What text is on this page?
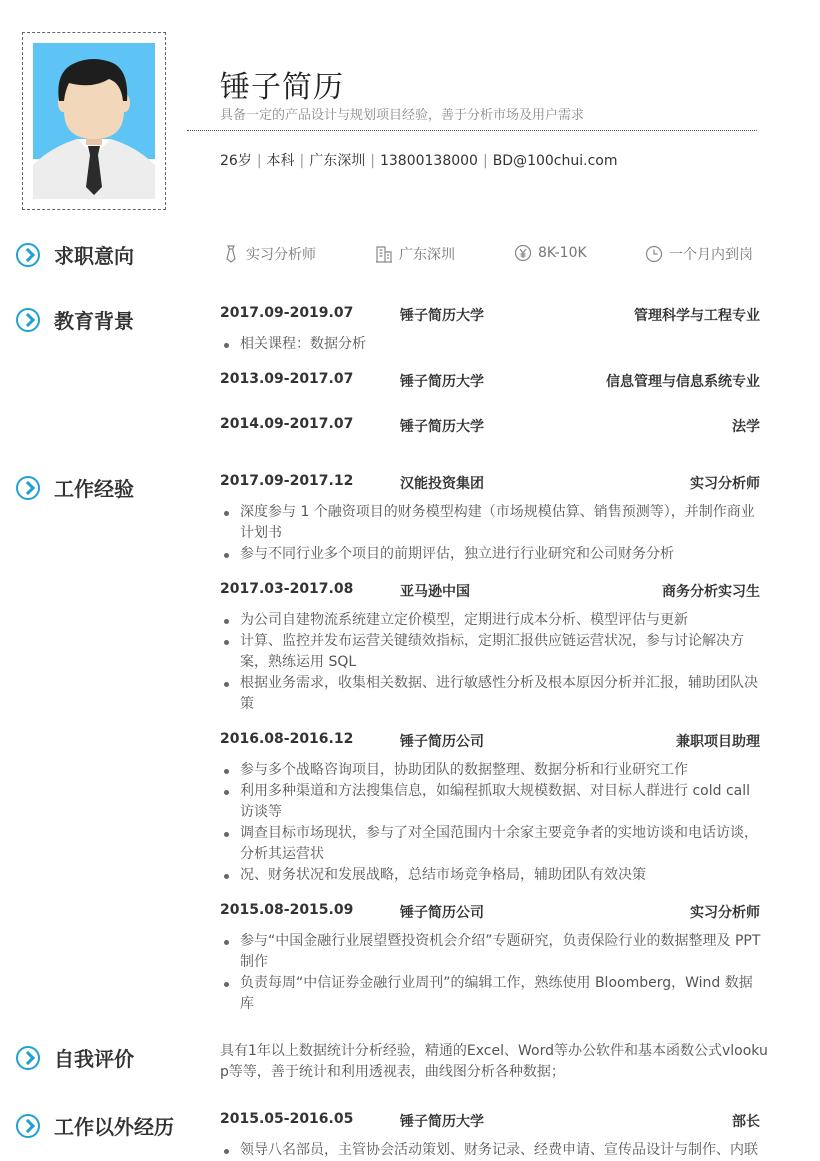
锤子简历
具备一定的产品设计与规划项目经验，善于分析市场及用户需求
26岁 | 本科 | 广东深圳 | 13800138000 | BD@100chui.com
求职意向
教育背景
工作经验
自我评价
工作以外经历
实习分析师	广东深圳	8K-10K	一个月内到岗
2017.09-2019.07	锤子简历大学	管理科学与工程专业
相关课程：数据分析
2013.09-2017.07	锤子简历大学	信息管理与信息系统专业
2014.09-2017.07	锤子简历大学	法学
2017.09-2017.12	汉能投资集团	实习分析师
深度参与 1 个融资项目的财务模型构建（市场规模估算、销售预测等），并制作商业计划书
参与不同行业多个项目的前期评估，独立进行行业研究和公司财务分析
2017.03-2017.08	亚马逊中国	商务分析实习生
为公司自建物流系统建立定价模型，定期进行成本分析、模型评估与更新
计算、监控并发布运营关键绩效指标，定期汇报供应链运营状况，参与讨论解决方案，熟练运用 SQL
根据业务需求，收集相关数据、进行敏感性分析及根本原因分析并汇报，辅助团队决策
2016.08-2016.12	锤子简历公司	兼职项目助理
参与多个战略咨询项目，协助团队的数据整理、数据分析和行业研究工作
利用多种渠道和方法搜集信息，如编程抓取大规模数据、对目标人群进行 cold call 访谈等
调查目标市场现状，参与了对全国范围内十余家主要竞争者的实地访谈和电话访谈，分析其运营状
况、财务状况和发展战略，总结市场竞争格局，辅助团队有效决策
2015.08-2015.09	锤子简历公司	实习分析师
参与“中国金融行业展望暨投资机会介绍”专题研究，负责保险行业的数据整理及 PPT 制作
负责每周“中信证券金融行业周刊”的编辑工作，熟练使用 Bloomberg，Wind 数据库
具有1年以上数据统计分析经验，精通的Excel、Word等办公软件和基本函数公式vlookup等等，善于统计和利用透视表，曲线图分析各种数据；
2015.05-2016.05	锤子简历大学	部长
领导八名部员，主管协会活动策划、财务记录、经费申请、宣传品设计与制作、内联
